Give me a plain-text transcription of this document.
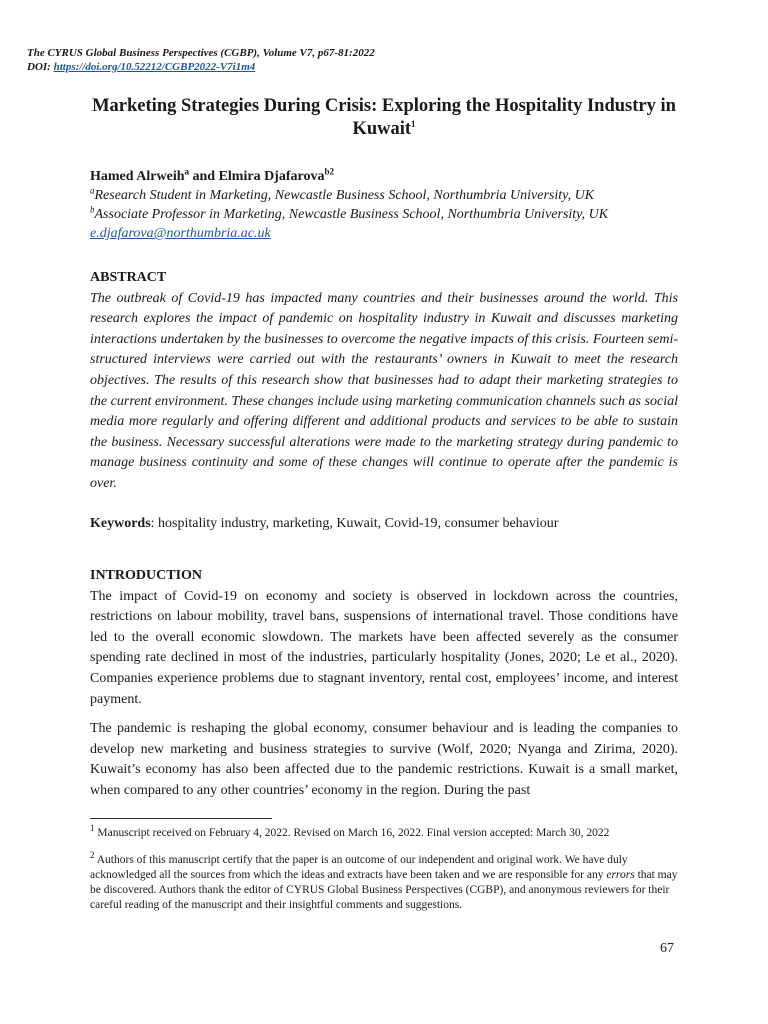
The CYRUS Global Business Perspectives (CGBP), Volume V7, p67-81:2022
DOI: https://doi.org/10.52212/CGBP2022-V7i1m4
Marketing Strategies During Crisis: Exploring the Hospitality Industry in Kuwait$^1$
Hamed Alrweih$^a$ and Elmira Djafarova$^{b2}$
$^a$Research Student in Marketing, Newcastle Business School, Northumbria University, UK
$^b$Associate Professor in Marketing, Newcastle Business School, Northumbria University, UK
e.djafarova@northumbria.ac.uk
ABSTRACT
The outbreak of Covid-19 has impacted many countries and their businesses around the world. This research explores the impact of pandemic on hospitality industry in Kuwait and discusses marketing interactions undertaken by the businesses to overcome the negative impacts of this crisis. Fourteen semi-structured interviews were carried out with the restaurants’ owners in Kuwait to meet the research objectives. The results of this research show that businesses had to adapt their marketing strategies to the current environment. These changes include using marketing communication channels such as social media more regularly and offering different and additional products and services to be able to sustain the business. Necessary successful alterations were made to the marketing strategy during pandemic to manage business continuity and some of these changes will continue to operate after the pandemic is over.
Keywords: hospitality industry, marketing, Kuwait, Covid-19, consumer behaviour
INTRODUCTION

The impact of Covid-19 on economy and society is observed in lockdown across the countries, restrictions on labour mobility, travel bans, suspensions of international travel. Those conditions have led to the overall economic slowdown. The markets have been affected severely as the consumer spending rate declined in most of the industries, particularly hospitality (Jones, 2020; Le et al., 2020). Companies experience problems due to stagnant inventory, rental cost, employees’ income, and interest payment.

The pandemic is reshaping the global economy, consumer behaviour and is leading the companies to develop new marketing and business strategies to survive (Wolf, 2020; Nyanga and Zirima, 2020). Kuwait’s economy has also been affected due to the pandemic restrictions. Kuwait is a small market, when compared to any other countries’ economy in the region. During the past

$^1$ Manuscript received on February 4, 2022. Revised on March 16, 2022. Final version accepted: March 30, 2022
$^2$ Authors of this manuscript certify that the paper is an outcome of our independent and original work. We have duly acknowledged all the sources from which the ideas and extracts have been taken and we are responsible for any errors that may be discovered. Authors thank the editor of CYRUS Global Business Perspectives (CGBP), and anonymous reviewers for their careful reading of the manuscript and their insightful comments and suggestions.
67
